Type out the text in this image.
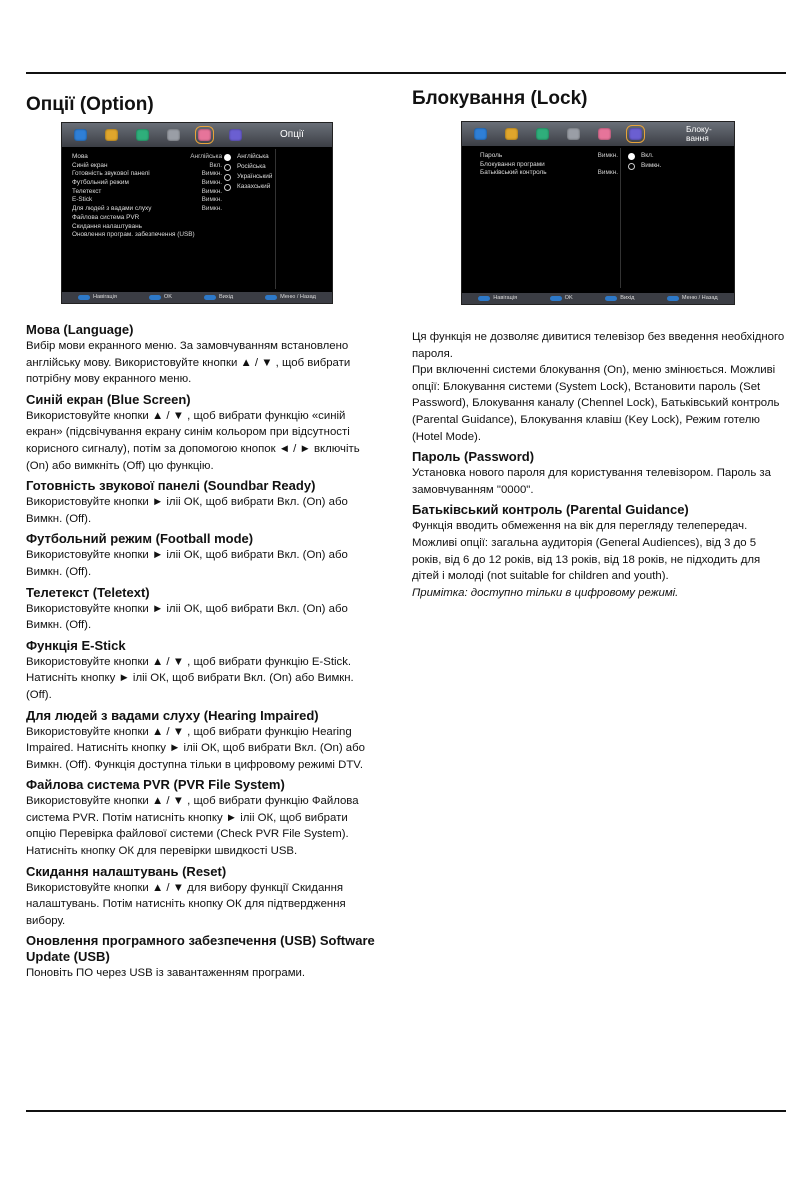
Опції (Option)
Мова (Language)

Вибір мови екранного меню. За замовчуванням встановлено англійську мову. Використовуйте кнопки ▲ / ▼ , щоб вибрати потрібну мову екранного меню.

Синій екран (Blue Screen)

Використовуйте кнопки ▲ / ▼ , щоб вибрати функцію «синій екран» (підсвічування екрану синім кольором при відсутності корисного сигналу), потім за допомогою кнопок ◄ / ► включіть (On) або вимкніть (Off) цю функцію.

Готовність звукової панелі (Soundbar Ready)

Використовуйте кнопки ► іліі ОК, щоб вибрати Вкл. (On) або Вимкн. (Off).

Футбольний режим (Football mode)

Використовуйте кнопки ► іліі ОК, щоб вибрати Вкл. (On) або Вимкн. (Off).

Телетекст (Teletext)

Використовуйте кнопки ► іліі ОК, щоб вибрати Вкл. (On) або Вимкн. (Off).

Функція E-Stick

Використовуйте кнопки ▲ / ▼ , щоб вибрати функцію E-Stick. Натисніть кнопку ► іліі ОК, щоб вибрати Вкл. (On) або Вимкн. (Off).

Для людей з вадами слуху (Hearing Impaired)

Використовуйте кнопки ▲ / ▼ , щоб вибрати функцію Hearing Impaired. Натисніть кнопку ► іліі ОК, щоб вибрати Вкл. (On) або Вимкн. (Off). Функція доступна тільки в цифровому режимі DTV.

Файлова система PVR (PVR File System)

Використовуйте кнопки ▲ / ▼ , щоб вибрати функцію Файлова система PVR. Потім натисніть кнопку ► іліі ОК, щоб вибрати опцію Перевірка файлової системи (Check PVR File System). Натисніть кнопку ОК для перевірки швидкості USB.

Скидання налаштувань (Reset)

Використовуйте кнопки ▲ / ▼ для вибору функції Скидання налаштувань. Потім натисніть кнопку ОК для підтвердження вибору.

Оновлення програмного забезпечення (USB) Software Update (USB)

Поновіть ПО через USB із завантаженням програми.

Блокування (Lock)

Ця функція не дозволяє дивитися телевізор без введення необхідного пароля.

При включенні системи блокування (On), меню змінюється. Можливі опції: Блокування системи (System Lock), Встановити пароль (Set Password), Блокування каналу (Chennel Lock), Батьківський контроль (Parental Guidance), Блокування клавіш (Key Lock), Режим готелю (Hotel Mode).

Пароль (Password)

Установка нового пароля для користування телевізором. Пароль за замовчуванням "0000".

Батьківський контроль (Parental Guidance)

Функція вводить обмеження на вік для перегляду телепередач. Можливі опції: загальна аудиторія (General Audiences), від 3 до 5 років, від 6 до 12 років, від 13 років, від 18 років, не підходить для дітей і молоді (not suitable for children and youth).

Примітка: доступно тільки в цифровому режимі.

Опції
Мова	Англійська
Синій екран	Вкл.
Готовність звукової панелі	Вимкн.
Футбольний режим	Вимкн.
Телетекст	Вимкн.
E-Stick	Вимкн.
Для людей з вадами слуху	Вимкн.
Файлова система PVR
Скидання налаштувань
Оновлення програм. забезпечення (USB)
Англійська
Російська
Український
Казахський
Навігація	OK	Вихід	Меню / Назад
Блоку-
вання
Пароль	Вимкн.
Блокування програми
Батьківський контроль	Вимкн.
Вкл.
Вимкн.
Навігація	OK	Вихід	Меню / Назад
